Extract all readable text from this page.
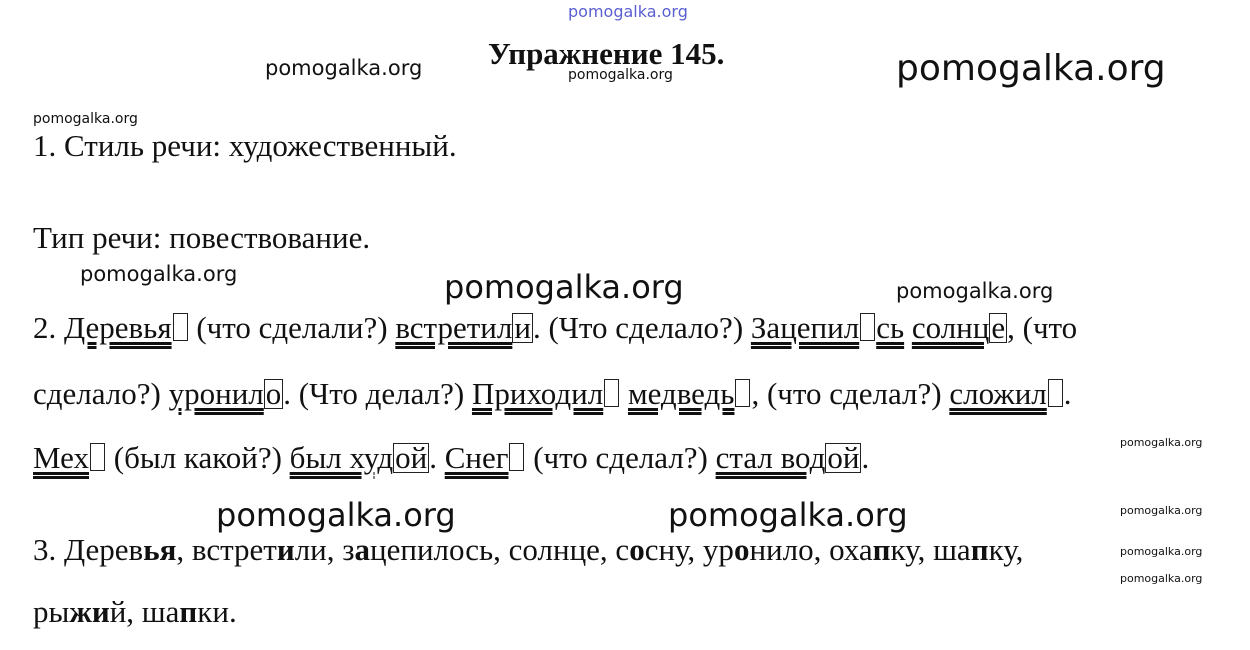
pomogalka.org
pomogalka.org Упражнение 145.
pomogalka.org	pomogalka.org
pomogalka.org
1. Стиль речи: художественный.
Тип речи: повествование.
pomogalka.org	pomogalka.org	pomogalka.org
2. Деревья (что сделали?) встретили. (Что сделало?) Зацепил сь солнце, (что
сделало?) уронило. (Что делал?) Приходил медведь , (что сделал?) сложил .
pomogalka.org
Мех (был какой?) был худой. Снег (что сделал?) стал водой.
pomogalka.org	pomogalka.org	pomogalka.org
pomogalka.org
pomogalka.org
3. Деревья, встретили, зацепилось, солнце, сосну, уронило, охапку, шапку,
рыжий, шапки.
